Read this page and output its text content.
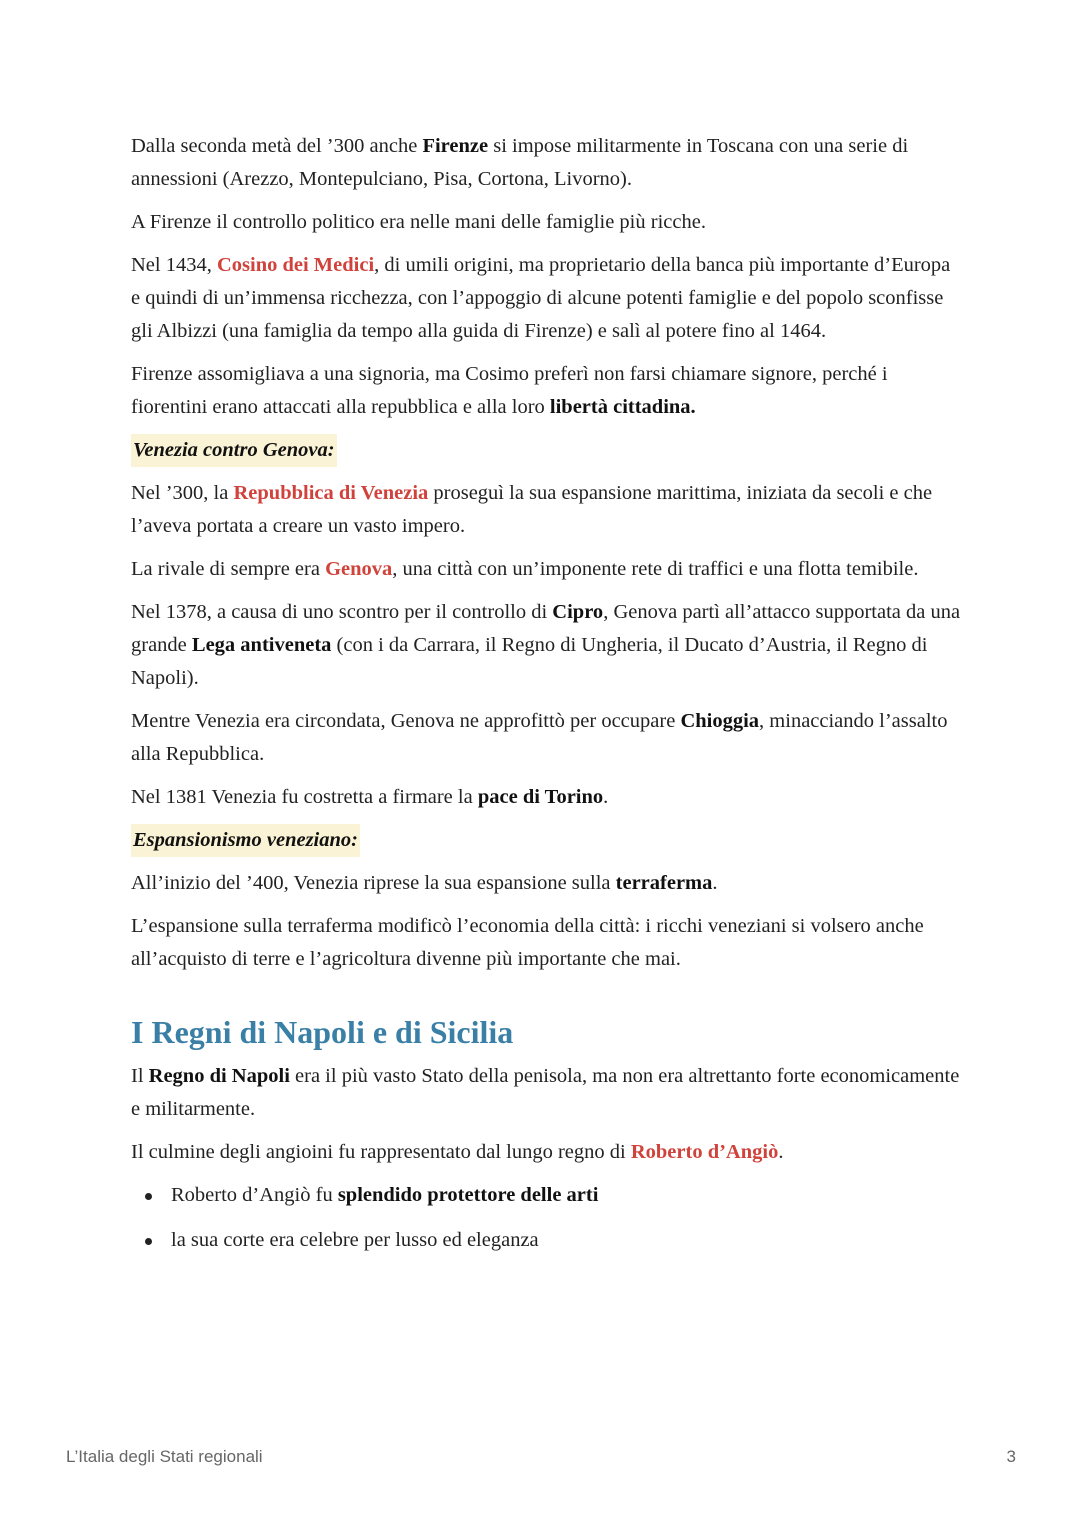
Dalla seconda metà del ’300 anche Firenze si impose militarmente in Toscana con una serie di annessioni (Arezzo, Montepulciano, Pisa, Cortona, Livorno).

A Firenze il controllo politico era nelle mani delle famiglie più ricche.

Nel 1434, Cosino dei Medici, di umili origini, ma proprietario della banca più importante d’Europa e quindi di un’immensa ricchezza, con l’appoggio di alcune potenti famiglie e del popolo sconfisse gli Albizzi (una famiglia da tempo alla guida di Firenze) e salì al potere fino al 1464.

Firenze assomigliava a una signoria, ma Cosimo preferì non farsi chiamare signore, perché i fiorentini erano attaccati alla repubblica e alla loro libertà cittadina.

Venezia contro Genova:

Nel ’300, la Repubblica di Venezia proseguì la sua espansione marittima, iniziata da secoli e che l’aveva portata a creare un vasto impero.

La rivale di sempre era Genova, una città con un’imponente rete di traffici e una flotta temibile.

Nel 1378, a causa di uno scontro per il controllo di Cipro, Genova partì all’attacco supportata da una grande Lega antiveneta (con i da Carrara, il Regno di Ungheria, il Ducato d’Austria, il Regno di Napoli).

Mentre Venezia era circondata, Genova ne approfittò per occupare Chioggia, minacciando l’assalto alla Repubblica.

Nel 1381 Venezia fu costretta a firmare la pace di Torino.

Espansionismo veneziano:

All’inizio del ’400, Venezia riprese la sua espansione sulla terraferma.

L’espansione sulla terraferma modificò l’economia della città: i ricchi veneziani si volsero anche all’acquisto di terre e l’agricoltura divenne più importante che mai.

I Regni di Napoli e di Sicilia

Il Regno di Napoli era il più vasto Stato della penisola, ma non era altrettanto forte economicamente e militarmente.

Il culmine degli angioini fu rappresentato dal lungo regno di Roberto d’Angiò.

Roberto d’Angiò fu splendido protettore delle arti
la sua corte era celebre per lusso ed eleganza
L’Italia degli Stati regionali	3
